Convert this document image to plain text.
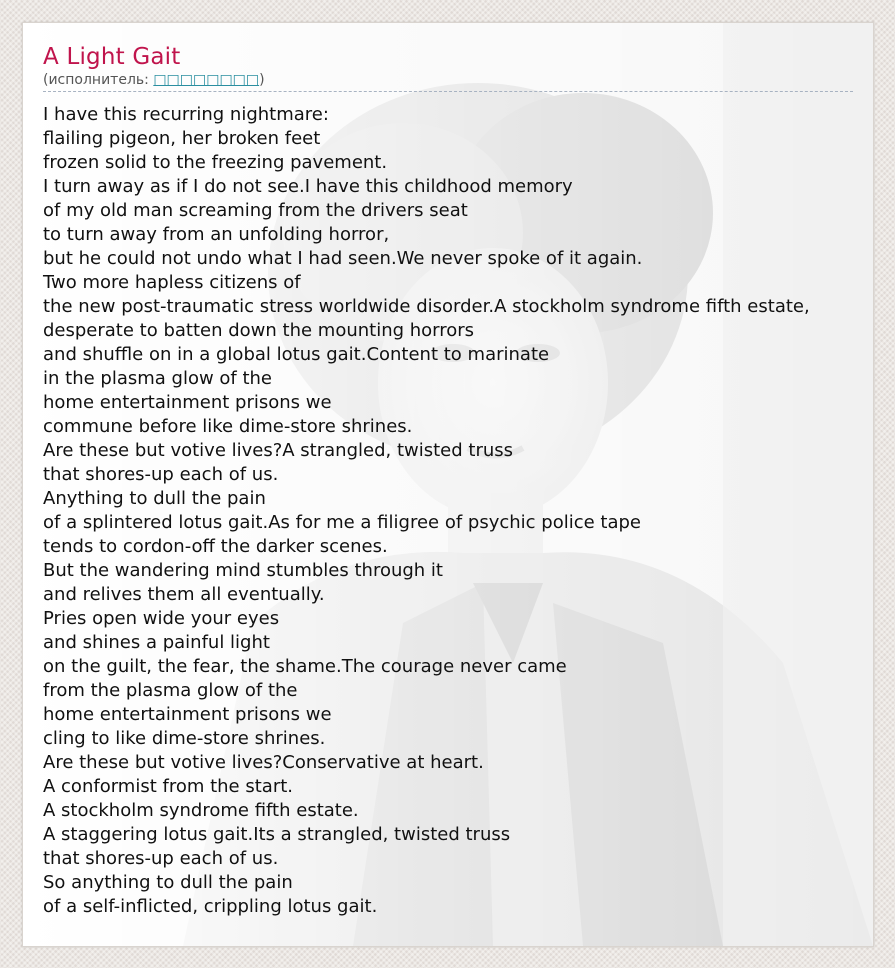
A Light Gait
(исполнитель: □□□□□□□□)
I have this recurring nightmare:
flailing pigeon, her broken feet
frozen solid to the freezing pavement.
I turn away as if I do not see.I have this childhood memory
of my old man screaming from the drivers seat
to turn away from an unfolding horror,
but he could not undo what I had seen.We never spoke of it again.
Two more hapless citizens of
the new post-traumatic stress worldwide disorder.A stockholm syndrome fifth estate,
desperate to batten down the mounting horrors
and shuffle on in a global lotus gait.Content to marinate
in the plasma glow of the
home entertainment prisons we
commune before like dime-store shrines.
Are these but votive lives?A strangled, twisted truss
that shores-up each of us.
Anything to dull the pain
of a splintered lotus gait.As for me a filigree of psychic police tape
tends to cordon-off the darker scenes.
But the wandering mind stumbles through it
and relives them all eventually.
Pries open wide your eyes
and shines a painful light
on the guilt, the fear, the shame.The courage never came
from the plasma glow of the
home entertainment prisons we
cling to like dime-store shrines.
Are these but votive lives?Conservative at heart.
A conformist from the start.
A stockholm syndrome fifth estate.
A staggering lotus gait.Its a strangled, twisted truss
that shores-up each of us.
So anything to dull the pain
of a self-inflicted, crippling lotus gait.
